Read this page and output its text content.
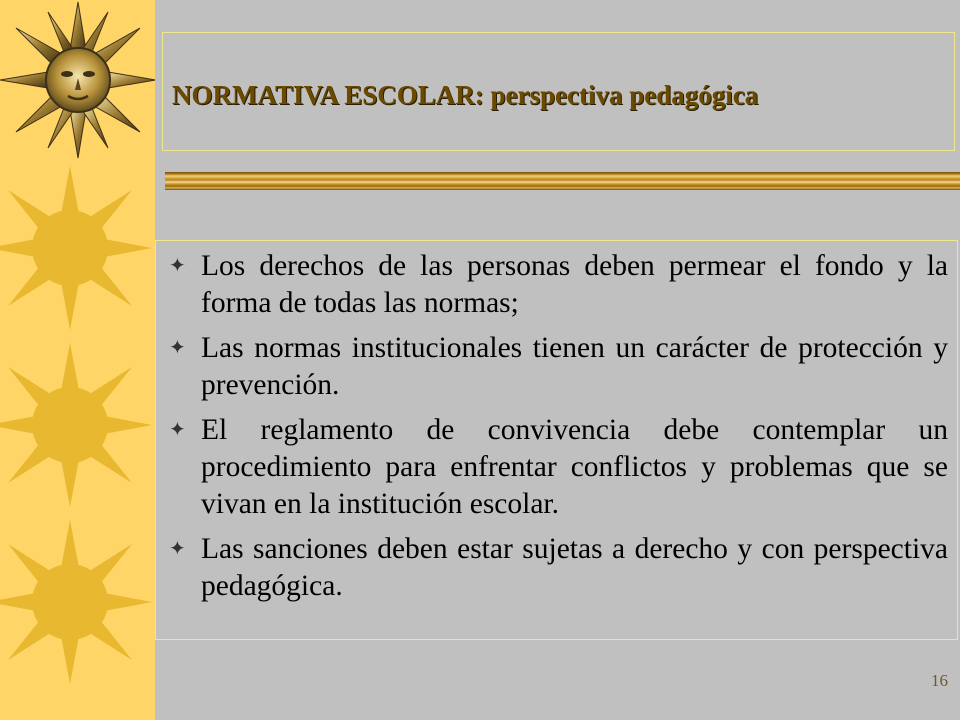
NORMATIVA ESCOLAR: perspectiva pedagógica
✦ Los derechos de las personas deben permear el fondo y la forma de todas las normas;
✦ Las normas institucionales tienen un carácter de protección y prevención.
✦ El reglamento de convivencia debe contemplar un procedimiento para enfrentar conflictos y problemas que se vivan en la institución escolar.
✦ Las sanciones deben estar sujetas a derecho y con perspectiva pedagógica.
16
